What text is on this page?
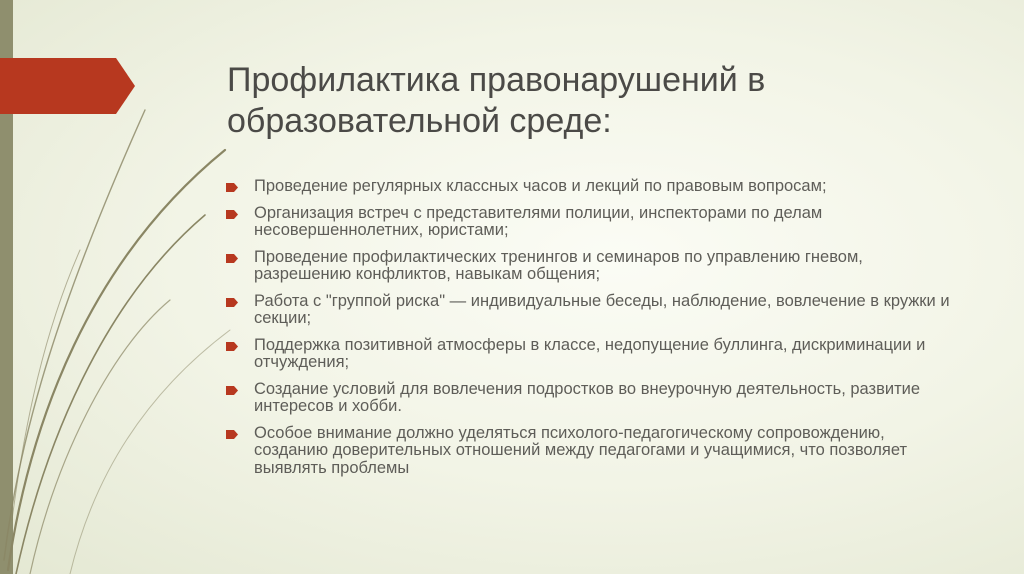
Профилактика правонарушений в образовательной среде:
Проведение регулярных классных часов и лекций по правовым вопросам;
Организация встреч с представителями полиции, инспекторами по делам несовершеннолетних, юристами;
Проведение профилактических тренингов и семинаров по управлению гневом, разрешению конфликтов, навыкам общения;
Работа с "группой риска" — индивидуальные беседы, наблюдение, вовлечение в кружки и секции;
Поддержка позитивной атмосферы в классе, недопущение буллинга, дискриминации и отчуждения;
Создание условий для вовлечения подростков во внеурочную деятельность, развитие интересов и хобби.
Особое внимание должно уделяться психолого-педагогическому сопровождению, созданию доверительных отношений между педагогами и учащимися, что позволяет выявлять проблемы
